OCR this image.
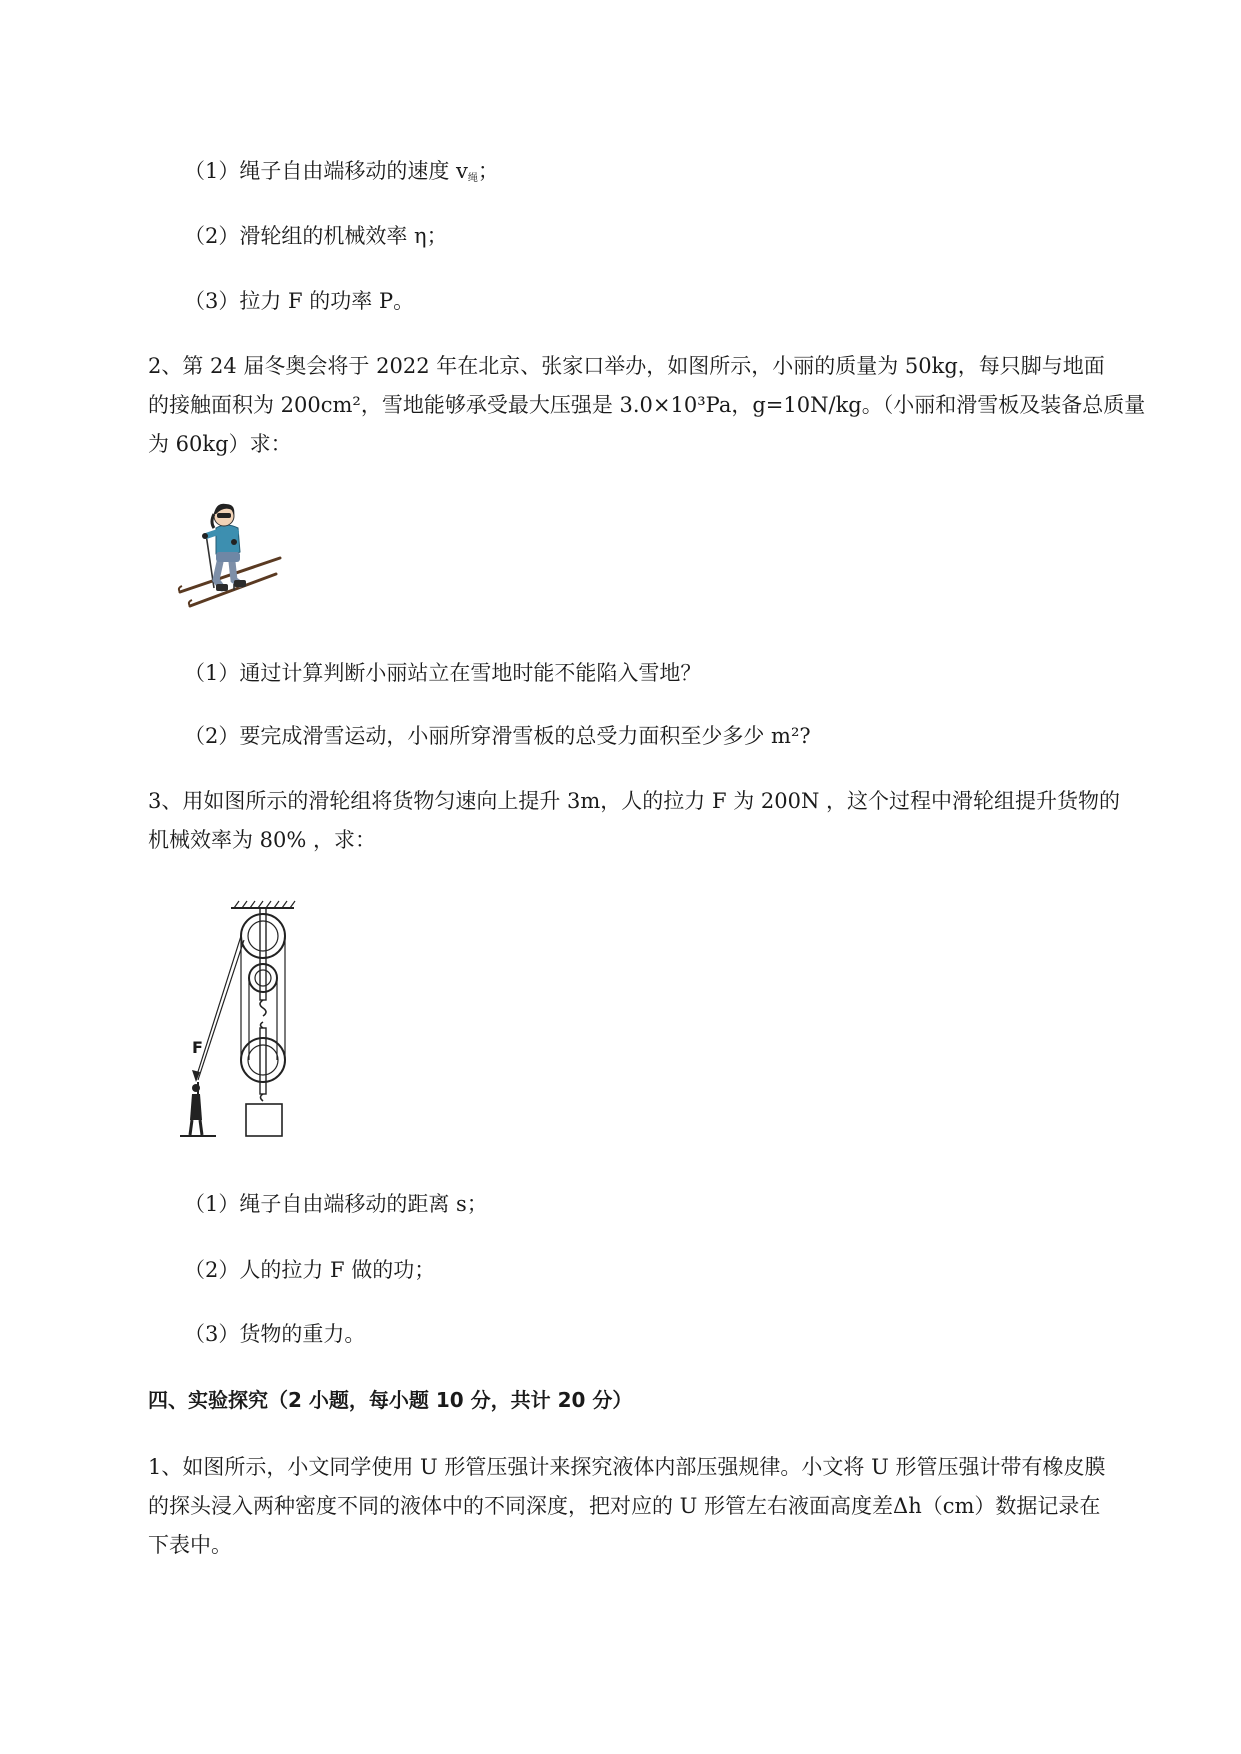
（1）绳子自由端移动的速度 v绳；
（2）滑轮组的机械效率 η；
（3）拉力 F 的功率 P。
2、第 24 届冬奥会将于 2022 年在北京、张家口举办，如图所示，小丽的质量为 50kg，每只脚与地面
的接触面积为 200cm²，雪地能够承受最大压强是 3.0×10³Pa，g=10N/kg。（小丽和滑雪板及装备总质量
为 60kg）求：
（1）通过计算判断小丽站立在雪地时能不能陷入雪地？
（2）要完成滑雪运动，小丽所穿滑雪板的总受力面积至少多少 m²?
3、用如图所示的滑轮组将货物匀速向上提升 3m，人的拉力 F 为 200N ，这个过程中滑轮组提升货物的
机械效率为 80% ，求：
F
（1）绳子自由端移动的距离 s；
（2）人的拉力 F 做的功；
（3）货物的重力。
四、实验探究（2 小题，每小题 10 分，共计 20 分）
1、如图所示，小文同学使用 U 形管压强计来探究液体内部压强规律。小文将 U 形管压强计带有橡皮膜
的探头浸入两种密度不同的液体中的不同深度，把对应的 U 形管左右液面高度差Δh（cm）数据记录在
下表中。
